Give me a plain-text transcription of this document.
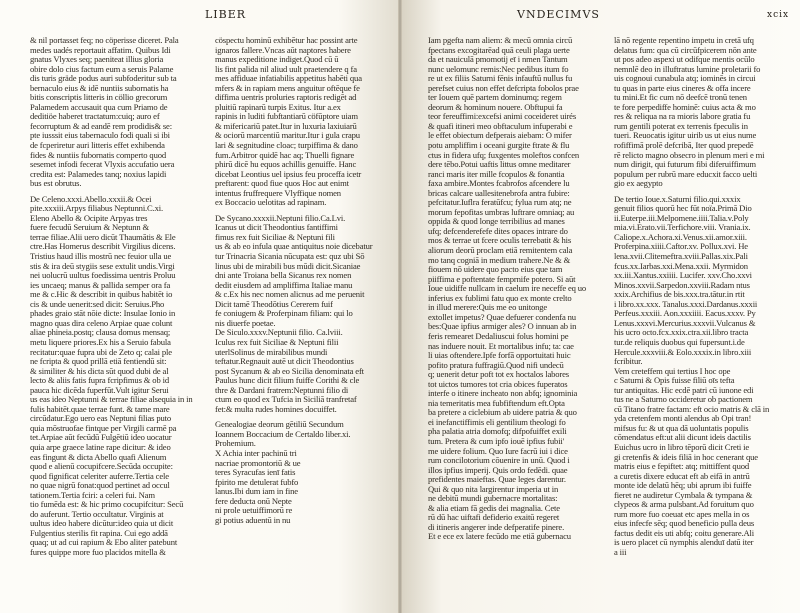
LIBER
& nil portasset feq; no cöperisse diceret. Pala
medes uadés reportauit affatim. Quibus Idi
gnatus Vlyxes seq; paeniteat illius gloria
obire dolo cius factum eum a seruis Palame
dis turis gräde podus auri subfoderitur sub ta
bernaculo eius & idē nuntiis subornatis ha
bitis conscriptis litteris in cöllio grecorum
Palamedem accusauit qua cum Priamo de
deditiöe haberet tractatum:cuiq; auro ef
fecorruptum & ad eandē rem prodidis& se:
pte iusssit eius tabernaculo fodi quali si ibi
de fcperiretur auri litteris effet exhibenda
fides & nuntiis fubornatis comperto quod
sesemet infodi fecerat Vlyxis accufatio uera
credita est: Palamedes tanq; noxius lapidi
bus est obrutus.
De Celeno.xxxi.Abello.xxxii.& Ocei
pite.xxxiii.Arpys filiabus Neptunni.C.xi.
Eleno Abello & Ocipite Arpyas tres
fuere fecudū Seruium & Neptunn &
terrae filiae.Alii uero dicūt Thaumātis & Ele
ctre.Has Homerus describit Virgilius dicens.
Tristius haud illis mostrū nec feuior ulla ue
stis & ira deū stygiis sese extulit undis.Virgi
nei uolucrū uultus foedissima uentris Proluu
ies uncaeq; manus & pallida semper ora fa
me & c.Hic & describit in quibus habitēt io
cis & unde uenerit:sed dicit: Seruius.Pho
phades graio stāt nōie dicte: Insulae Ionio in
magno quas dira celeno Arpiae quae colunt
aliae phineia.postq; clausa domus mensaq;
metu liquere priores.Ex his a Seruio fabula
recitatur:quae fupra ubi de Zeto q; calai ple
ne fcripta & quod prillā etiā fentiendū sit:
& similiter & his dicta sūt quod dubi de al
lecto & aliis fatis fupra fcripfimus & ob id
pauca hic dicēda fuperfūt.Vult igitur Serui
us eas ideo Neptunni & terrae filiae alsequia in in
fulis habitēt.quae terrae funt. & tame mare
circūdatur.Ego uero eas Neptuni filias puto
quia mōstruofae fintque per Virgili carmē pa
tet.Arpiae aūt fecūdū Fulgētiū ideo uocatur
quia arpe graece latine rape dicitur: & ideo
eas fingunt & dicta Abello quafi Alienum
quod e alienū cocupifcere.Secūda occupite:
quod fignificat celeriter auferre.Tertia cele
no quae nigrū fonat:quod pertinet ad occul
tationem.Tertia fciri: a celeri fui. Nam
tio fumēda est: & hic primo cocupifcitur: Secū
do auferunt. Tertio occultatur. Virginis at
uultus ideo habere dicūtur:ideo quia ut dicit
Fulgentius sterilis fit rapina. Cui ego addā
quaq; ut ad cui rapium & Ebo aliter patebunt
fures quippe more fuo placidos mitella &
cöspectu hominū exhibētur hac possint arte
ignaros fallere.Vncas aūt naptores habere
manus expeditione indiget.Quod cū ū
lis fint palida nil aliud uult praetendere q fa
mes affiduae infatiabilis appetitus habēti qua
mfers & in rapiam mens anguitur oftēque fe
diffima uentris proluries raptoris redigēt ad
pluitiū rapinarū turpis Exitus. Itur a.ex
rapinis in luditi fubftantiarū cöfūptore uiam
& mifericariū patet.Itur in luxuria laxiuiarū
& ociorū marcentiū maritur.Itur i gula crapu
lari & segnitudine cloac; turpiffima & dano
fum.Arbitror quidē hac aq; Thuelli fignare
phirū dicē hu equos achillis genuiffe. Hanc
dicebat Leontius uel ipsius feu proceffa icetr
preftarent: quod fiue quos Hoc aut enimt
intentus fruffrequere Vlyffique nomen
ex Boccacio uelotitas ad rapinam.
De Sycano.xxxxii.Neptuni filio.Ca.Lvi.
Icanus ut dicit Theodontius fantiffimi
fimus rex fuit Siciliae & Neptuni fili
us & ab eo infula quae antiquitus noie dicebatur
tur Trinacria Sicania nūcupata est: quz ubi Sō
linus ubi de mirabili bus mūdi dicit.Sicaniae
dni ante Troiana bella Sicanus rex nomen
dedit eiusdem ad ampliffima Italiae manu
& c.Ex his nec nomen alicnus ad me peruenit
Dicit tamē Theodōtius Cererem fuif
fe coniugem & Proferpinam filiam: qui lo
nis diuerfe poetae.
De Siculo.xxxv.Neptunii filio. Ca.lviii.
Iculus rex fuit Siciliae & Neptuni filii
uterlSolinus de mirabilibus mundi
teftatur.Regnauit autē ut dicit Theodontius
post Sycanum & ab eo Sicilia denominata eft
Paulus hunc dicit filium fuiffe Corithi & cle
thre & Dardani fratrem:Neptunni filio di
ctum eo quod ex Tufcia in Siciliā tranfretaf
fet:& multa rudes homines docuiffet.
Genealogiae deorum gētiliū Secundum
Ioannem Boccacium de Certaldo liber.xi.
Prohemium.
X Achia inter pachinū tri
nacriae promontoriū & ue
teres Syracufas ienī fatis
fpirito me detulerat fubfo
lanus.Ibi dum iam in fine
fere deducta onū Nepte
ni prole uetuiffimorū re
gi potius aduentū in nu
VNDECIMVS	xcix
Iam pgefta nam aliem: & mecū omnia circū
fpectans excogitarēad quā ceuli plaga uerte
da et nauiculā pmomotij eī i nmen Tantum
nunc uelomunc remis:Nec pedibus itum fo
re ut ex filiis Saturni fēnis infauftū nullus fu
perefset cuius non effet defcripta fobolos prae
ter Iouem quē partem dominumq; regem
deorum & hominum nouere. Obftupui fa
teor fereuffimi:excefsi animi coceideret uirés
& quafi itineri meo obftaculum infuperabi e
le effet obiectum defperais aiebam: O mifer
potu ampliffim i oceani gurgite ftrate & flu
ctus in fidera ufq; fuxgentes moleftos confcen
dere tēbo.Potui uaftis littus omne meditarer
ranci maris iter mille fcopulos & fonantia
faxa ambire.Montes fcabrofos afcendere lu
bricas calcare uallesitenebrofa antra fubire:
pefcitatur.Iuflra feratūfcu; fylua rum atq; ne
morum fepofitas umbras luftrare omniaq; au
oppida & quod longe terribilius ad manes
ufq; defcenderefefe dites opaces intrare do
mos & terrae ut fcere oculis terrebatit & his
aliorum deorū proclam etiā remitentem cala
mo tanq cogniā in medium trahere.Ne & &
fiouem nō uidere quo pacto eius que tam
piiffima e poftentate femprnife potero. Si aūt
Ioue uidiffe nullcam in caelum ire neceffe eq uo
inferius ex fublimi fatu quo ex monte crelto
in illud merere:Quis me eo unitonge
extollet impetus? Quae defuerer condenfa nu
bes:Quae ipfius armiger ales? O innuan ab in
feris remearet Dedaliuscui folus homini pe
nas induere nouit. Et mortalibus infu; ta: cae
li uias oftendere.Ipfe forfā opportuitati huic
pofito pratura fuffragiū.Quod nifi undecū
q; uenerit detur poft tot ex hoctalos labores
tot uictos tumores tot cria obices fuperatos
interfe o itinere incheato non abfq; ignominia
nia temeritatis mea fubfiftendum eft.Opta
ba pretere a ciclebium ab uidere patria & quo
ei inefanctiffimis eli gentilium theologi fo
pha palatia atria domofq; difpofuiffet exili
tum. Pretera & cum ipfo iouē ipfius fubii'
me uidere folium. Quo Iure facrū iui i dice
rum concilotorium cōuenire in unū. Quod i
illos ipfius imperij. Quis ordo fedēdi. quae
prefidentes maieftas. Quae leges darentur.
Qui & quo nita largirentur imperia ut in
ne debitū mundi gubernacre mortalitas:
& alia etiam fā gedis dei magnalia. Cete
rū dū hac uiftafi defiderio exaitū regeret
di itineris angerer inde defperatife pinere.
Et e ece ex latere fecūdo me etiā gubernacu
lā nō regente repentino impetu in cretā ufq
delatus fum: qua cū circūfpicerem nōn ante
ut pos adeo aspexi ut odifque mentis ocūlo
nemnlē deo in illuftratus lumine proletarii fo
uis cognoui cunabula atq; iominēs in circui
tu quas in parte eius cineres & offa incere
tu mini.Et fic cum nō deefcē tronū tenen
te fore perpediffe hominē: cuius acta & mo
res & reliqua na ra mioris labore gratia fu
rum gentili poterat ex terrenis fpeculis in
tueri. Reuocatis igitur uirib us ut eius nume
rofiffimā prolē defcribā, Iter quod prepedē
rē relicto magno obsecro in plenum meri e mi
num dirigit, qui futurum fibi diferuiffimum
populum per rubrū mare educxit facco uelti
gio ex aegypto
De tertio Ioue.x.Saturni filio.qui.xxxix
genuit filios quorū hec fūt noïa.Primā Dio
ii.Euterpe.iii.Melpomene.iiii.Talia.v.Poly
mia.vi.Erato.vii.Terfichore.viii. Vrania.ix.
Caliope.x.Achora.xi.Venus.xii.amor.xiii.
Proferpina.xiiii.Caftor.xv. Pollux.xvi. He
lena.xvii.Clitemeftra.xviii.Pallas.xix.Pali
fcus.xx.Iarbas.xxi.Mena.xxii. Myrmidon
xx.iii.Xantus.xxiiii. Lucifer. xxv.Cho.xxvi
Minos.xxvii.Sarpedon.xxviii.Radam ntus
xxix.Archifius de bis.xxx.tra.tātur.in rtit
i libro.xx.xxx. Tanalus.xxxi.Dardanus.xxxii
Perfeus.xxxiii. Aon.xxxiiii. Eacus.xxxv. Py
Lenus.xxxvi.Mercurius.xxxvii.Vulcanus &
his ucro octo.fcx.xxix.ctra.xii.libro tracta
tur.de reliquis duobus qui fupersunt.i.de
Hercule.xxxviii.& Eolo.xxxix.in libro.xiii
fcribitur.
Vem creteffem qui tertius I hoc ope
c Saturni & Opis fuisse filiū oīs tefta
tur antiquitas. Hic ecdē patri cū iunone edi
tus ne a Saturno occideretur ob pactionem
cū Titano fratre factam: eft ocio matris & clā in
yda cretenfem monti alendus ab Opi tran!
mifsus fu: & ut qua dā uoluntatis populis
cōmendatus eft:ut alii dicunt ideis dactilis
Euichus ucro in libro tēporū dicit Creti ie
gi cretenfis & ideis filiā in hoc cenerant que
matris eius e fepiftet: atq; mittiffent quod
a curetis dixere educat eft ab eifā in antrū
monte ide delatū hēq; ubi aprum ibi fuiffe
fieret ne audiretur Cymbala & tympana &
clypeos & arma pulsbant.Ad foruitum quo
rum more fuo coeuat etc apes mella in os
eius infecfe sēq; quod beneficio pulla deus
factus dedit eis uti abfq; coitu generare.Ali
is uero placet cū nymphis alenduī datū iter
a iii
